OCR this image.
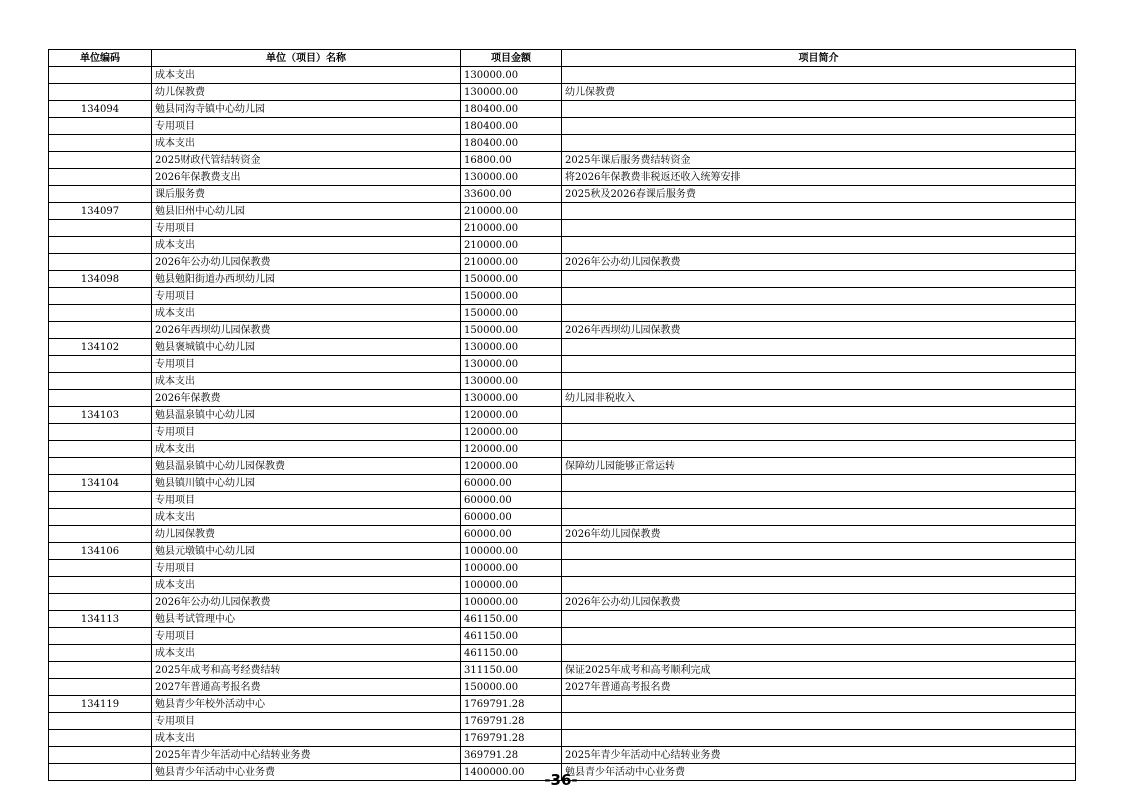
单位编码	单位（项目）名称	项目金额	项目简介
	成本支出	130000.00	
	幼儿保教费	130000.00	幼儿保教费
134094	勉县同沟寺镇中心幼儿园	180400.00	
	专用项目	180400.00	
	成本支出	180400.00	
	2025财政代管结转资金	16800.00	2025年课后服务费结转资金
	2026年保教费支出	130000.00	将2026年保教费非税返还收入统筹安排
	课后服务费	33600.00	2025秋及2026春课后服务费
134097	勉县旧州中心幼儿园	210000.00	
	专用项目	210000.00	
	成本支出	210000.00	
	2026年公办幼儿园保教费	210000.00	2026年公办幼儿园保教费
134098	勉县勉阳街道办西坝幼儿园	150000.00	
	专用项目	150000.00	
	成本支出	150000.00	
	2026年西坝幼儿园保教费	150000.00	2026年西坝幼儿园保教费
134102	勉县褒城镇中心幼儿园	130000.00	
	专用项目	130000.00	
	成本支出	130000.00	
	2026年保教费	130000.00	幼儿园非税收入
134103	勉县温泉镇中心幼儿园	120000.00	
	专用项目	120000.00	
	成本支出	120000.00	
	勉县温泉镇中心幼儿园保教费	120000.00	保障幼儿园能够正常运转
134104	勉县镇川镇中心幼儿园	60000.00	
	专用项目	60000.00	
	成本支出	60000.00	
	幼儿园保教费	60000.00	2026年幼儿园保教费
134106	勉县元墩镇中心幼儿园	100000.00	
	专用项目	100000.00	
	成本支出	100000.00	
	2026年公办幼儿园保教费	100000.00	2026年公办幼儿园保教费
134113	勉县考试管理中心	461150.00	
	专用项目	461150.00	
	成本支出	461150.00	
	2025年成考和高考经费结转	311150.00	保证2025年成考和高考顺利完成
	2027年普通高考报名费	150000.00	2027年普通高考报名费
134119	勉县青少年校外活动中心	1769791.28	
	专用项目	1769791.28	
	成本支出	1769791.28	
	2025年青少年活动中心结转业务费	369791.28	2025年青少年活动中心结转业务费
	勉县青少年活动中心业务费	1400000.00	勉县青少年活动中心业务费
-36-
